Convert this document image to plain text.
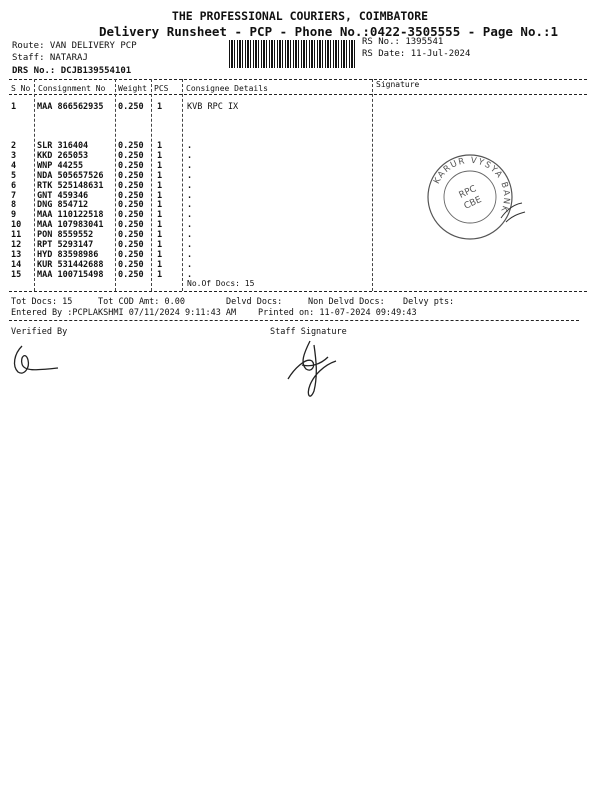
THE PROFESSIONAL COURIERS, COIMBATORE
Delivery Runsheet - PCP - Phone No.:0422-3505555 - Page No.:1
Route: VAN DELIVERY PCP
Staff: NATARAJ
DRS No.: DCJB139554101
RS No.: 1395541
RS Date: 11-Jul-2024
S No Consignment No Weight PCS Consignee Details	Signature
1 MAA 866562935 0.250 1	KVB RPC IX
2 SLR 316404	0.250 1	.
3 KKD 265053	0.250 1	.
4 WNP 44255	0.250 1	.
5 NDA 505657526 0.250 1	.
6 RTK 525148631 0.250 1	.
7 GNT 459346	0.250 1	.
8 DNG 854712	0.250 1	.
9 MAA 110122518 0.250 1	.
10 MAA 107983041 0.250 1	.
11 PON 8559552	0.250 1	.
12 RPT 5293147	0.250 1	.
13 HYD 83598986 0.250 1	.
14 KUR 531442688 0.250 1	.
15 MAA 100715498 0.250 1	.
No.Of Docs: 15
KARUR VYSYA BANK
RPC
CBE
Tot Docs: 15	Tot COD Amt: 0.00	Delvd Docs:	Non Delvd Docs: Delvy pts:
Entered By :PCPLAKSHMI 07/11/2024 9:11:43 AM	Printed on: 11-07-2024 09:49:43
Verified By	Staff Signature
